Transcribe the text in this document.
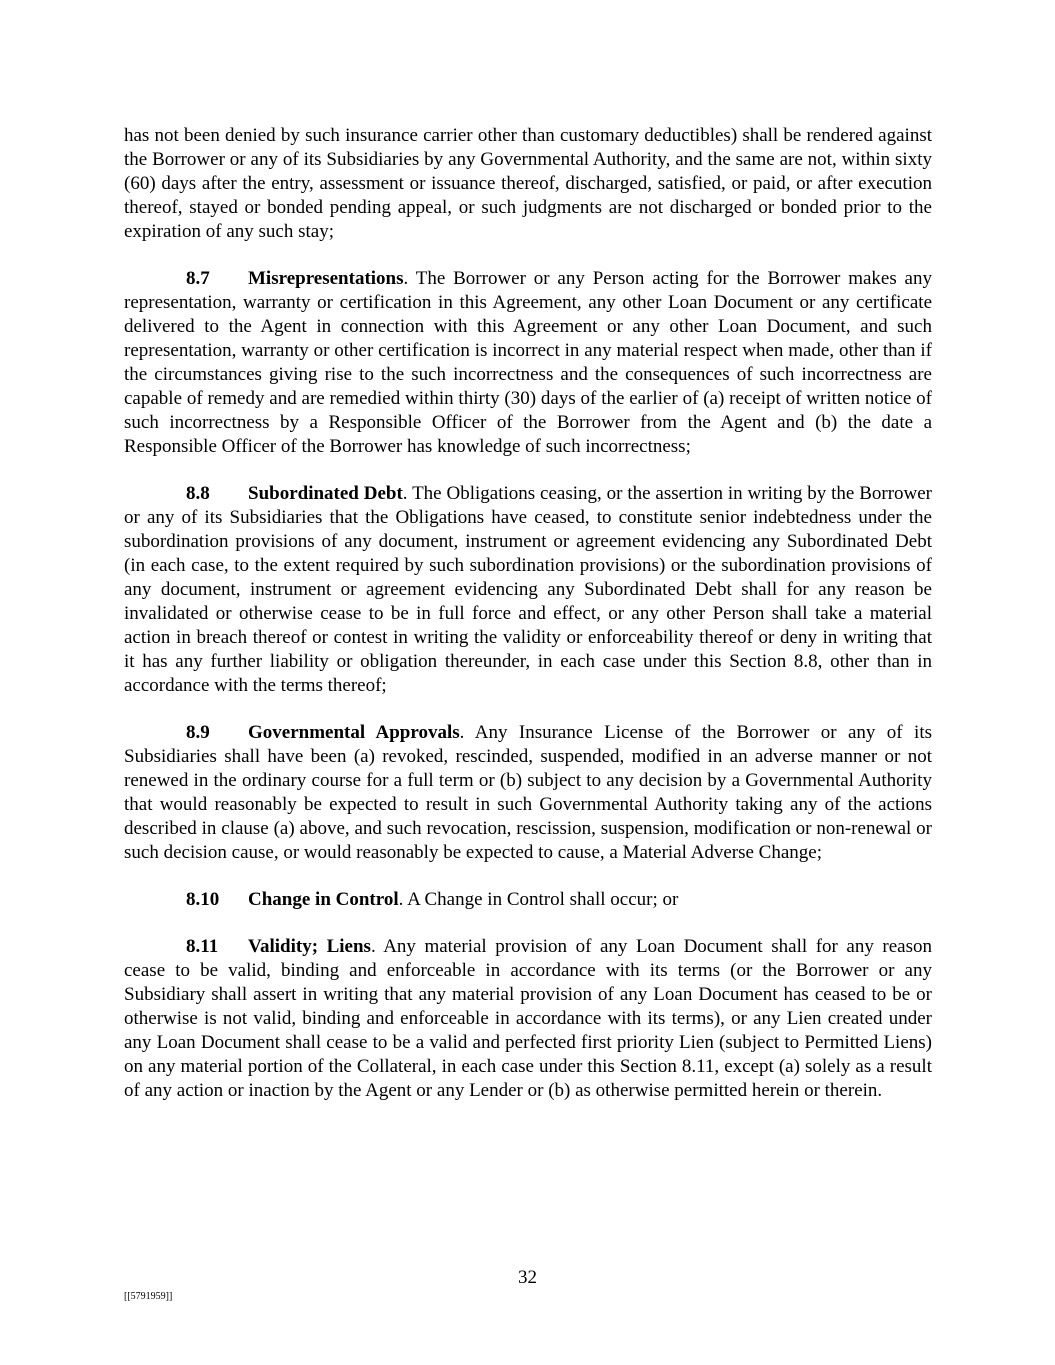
has not been denied by such insurance carrier other than customary deductibles) shall be rendered against the Borrower or any of its Subsidiaries by any Governmental Authority, and the same are not, within sixty (60) days after the entry, assessment or issuance thereof, discharged, satisfied, or paid, or after execution thereof, stayed or bonded pending appeal, or such judgments are not discharged or bonded prior to the expiration of any such stay;

8.7 Misrepresentations. The Borrower or any Person acting for the Borrower makes any representation, warranty or certification in this Agreement, any other Loan Document or any certificate delivered to the Agent in connection with this Agreement or any other Loan Document, and such representation, warranty or other certification is incorrect in any material respect when made, other than if the circumstances giving rise to the such incorrectness and the consequences of such incorrectness are capable of remedy and are remedied within thirty (30) days of the earlier of (a) receipt of written notice of such incorrectness by a Responsible Officer of the Borrower from the Agent and (b) the date a Responsible Officer of the Borrower has knowledge of such incorrectness;

8.8 Subordinated Debt. The Obligations ceasing, or the assertion in writing by the Borrower or any of its Subsidiaries that the Obligations have ceased, to constitute senior indebtedness under the subordination provisions of any document, instrument or agreement evidencing any Subordinated Debt (in each case, to the extent required by such subordination provisions) or the subordination provisions of any document, instrument or agreement evidencing any Subordinated Debt shall for any reason be invalidated or otherwise cease to be in full force and effect, or any other Person shall take a material action in breach thereof or contest in writing the validity or enforceability thereof or deny in writing that it has any further liability or obligation thereunder, in each case under this Section 8.8, other than in accordance with the terms thereof;

8.9 Governmental Approvals. Any Insurance License of the Borrower or any of its Subsidiaries shall have been (a) revoked, rescinded, suspended, modified in an adverse manner or not renewed in the ordinary course for a full term or (b) subject to any decision by a Governmental Authority that would reasonably be expected to result in such Governmental Authority taking any of the actions described in clause (a) above, and such revocation, rescission, suspension, modification or non-renewal or such decision cause, or would reasonably be expected to cause, a Material Adverse Change;

8.10 Change in Control. A Change in Control shall occur; or

8.11 Validity; Liens. Any material provision of any Loan Document shall for any reason cease to be valid, binding and enforceable in accordance with its terms (or the Borrower or any Subsidiary shall assert in writing that any material provision of any Loan Document has ceased to be or otherwise is not valid, binding and enforceable in accordance with its terms), or any Lien created under any Loan Document shall cease to be a valid and perfected first priority Lien (subject to Permitted Liens) on any material portion of the Collateral, in each case under this Section 8.11, except (a) solely as a result of any action or inaction by the Agent or any Lender or (b) as otherwise permitted herein or therein.

32
[[5791959]]
